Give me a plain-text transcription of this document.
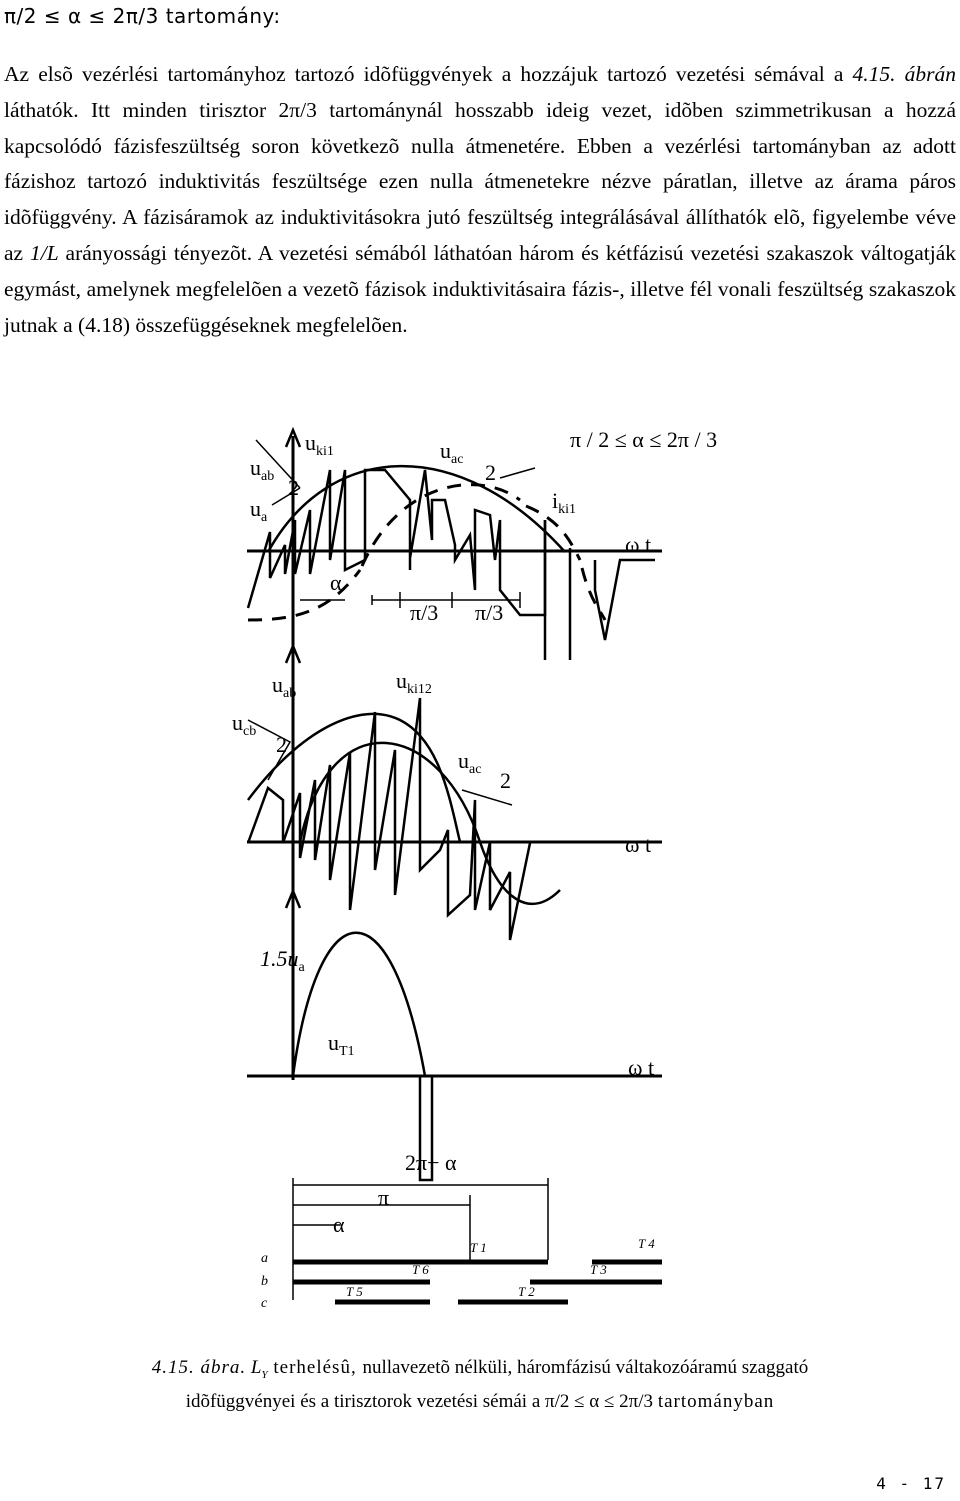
π/2 ≤ α ≤ 2π/3 tartomány:

Az elsõ vezérlési tartományhoz tartozó idõfüggvények a hozzájuk tartozó vezetési sémával a 4.15. ábrán láthatók. Itt minden tirisztor 2π/3 tartománynál hosszabb ideig vezet, idõben szimmetrikusan a hozzá kapcsolódó fázisfeszültség soron következõ nulla átmenetére. Ebben a vezérlési tartományban az adott fázishoz tartozó induktivitás feszültsége ezen nulla átmenetekre nézve páratlan, illetve az árama páros idõfüggvény. A fázisáramok az induktivitásokra jutó feszültség integrálásával állíthatók elõ, figyelembe véve az 1/L arányossági tényezõt. A vezetési sémából láthatóan három és kétfázisú vezetési szakaszok váltogatják egymást, amelynek megfelelõen a vezetõ fázisok induktivitásaira fázis-, illetve fél vonali feszültség szakaszok jutnak a (4.18) összefüggéseknek megfelelõen.

$u_{ab}$
$u_a$
$u_{ki1}$	$u_{ac}$
2
2
$i_{ki1}$
π / 2 ≤ α ≤ 2π / 3
ω t
α
π/3 π/3
$u_{ab}$
$u_{ki12}$
$u_{cb}$
2
$u_{ac}$ 2
ω t
$1.5u_a$
$u_{T1}$
ω t
2π− α
π
α
a
b
c
T 1
T 2
T 3
T 4
T 5
T 6
4.15. ábra. $L_Y$ terhelésû, nullavezetõ nélküli, háromfázisú váltakozóáramú szaggató
idõfüggvényei és a tirisztorok vezetési sémái a π/2 ≤ α ≤ 2π/3 tartományban
4 - 17
